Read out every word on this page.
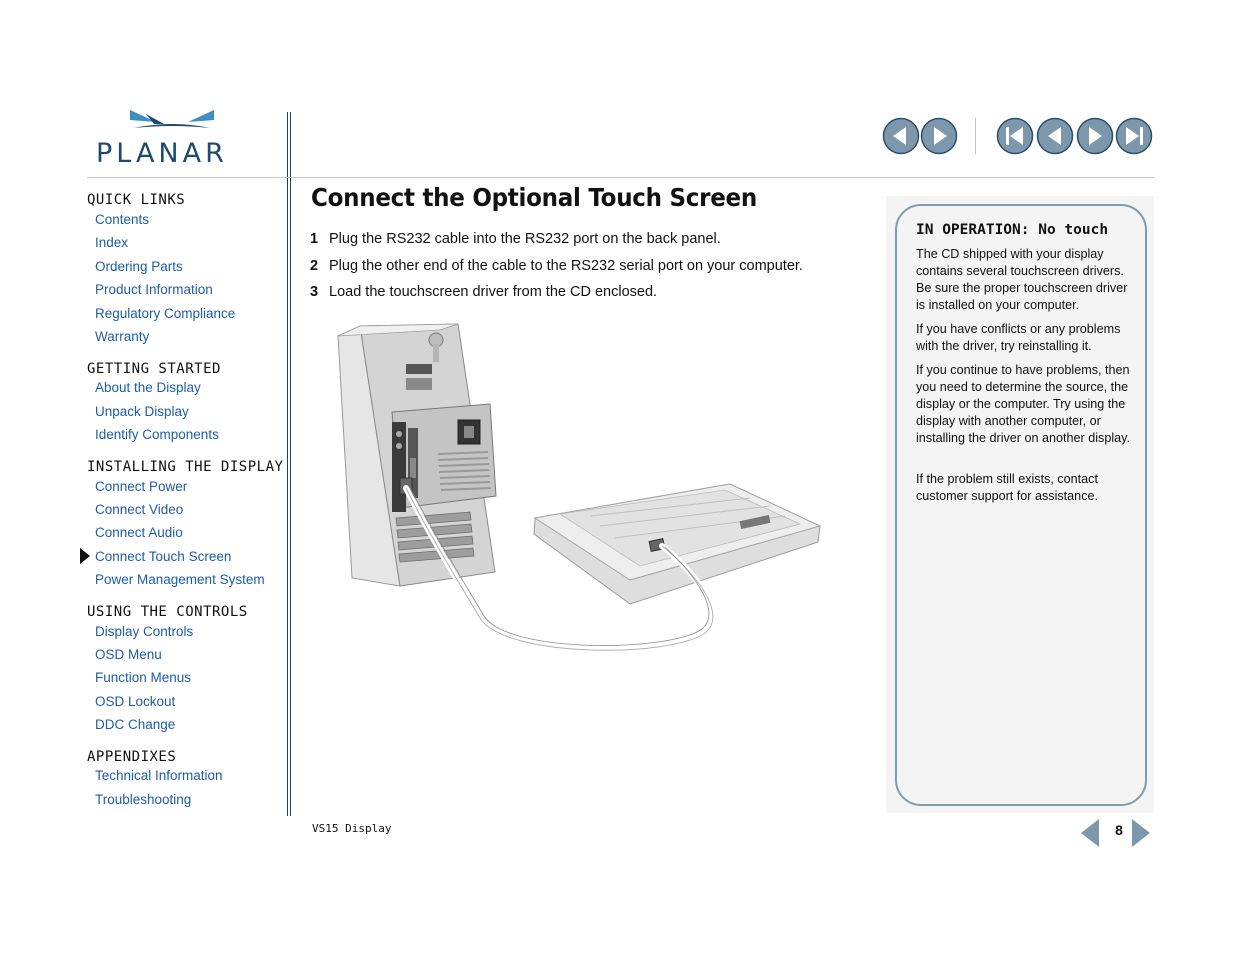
PLANAR
QUICK LINKS
Contents
Index
Ordering Parts
Product Information
Regulatory Compliance
Warranty
GETTING STARTED
About the Display
Unpack Display
Identify Components
INSTALLING THE DISPLAY
Connect Power
Connect Video
Connect Audio
Connect Touch Screen
Power Management System
USING THE CONTROLS
Display Controls
OSD Menu
Function Menus
OSD Lockout
DDC Change
APPENDIXES
Technical Information
Troubleshooting
Connect the Optional Touch Screen
1 Plug the RS232 cable into the RS232 port on the back panel.
2 Plug the other end of the cable to the RS232 serial port on your computer.
3 Load the touchscreen driver from the CD enclosed.
IN OPERATION: No touch
The CD shipped with your display contains several touchscreen drivers. Be sure the proper touchscreen driver is installed on your computer.
If you have conflicts or any problems with the driver, try reinstalling it.
If you continue to have problems, then you need to determine the source, the display or the computer. Try using the display with another computer, or installing the driver on another display.
If the problem still exists, contact customer support for assistance.
VS15 Display	8
